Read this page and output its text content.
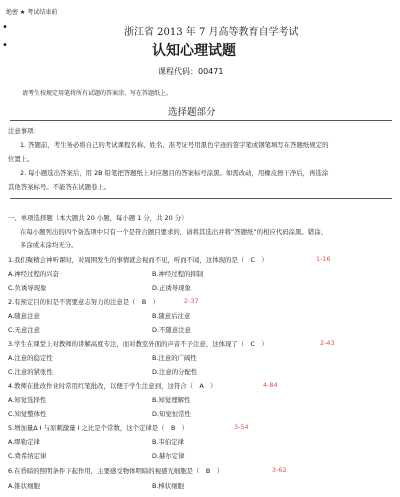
绝密 ★ 考试结束前
•	浙江省 2013 年 7 月高等教育自学考试
•	认知心理试题
课程代码：00471
请考生按规定用笔将所有试题的答案涂、写在答题纸上。
选择题部分
注意事项：
1. 答题前，考生务必将自己的考试课程名称、姓名、准考证号用黑色字迹的签字笔或钢笔填写在答题纸规定的
位置上。
2. 每小题选出答案后，用 2B 铅笔把答题纸上对应题目的答案标号涂黑。如需改动，用橡皮擦干净后，再选涂
其他答案标号。不能答在试题卷上。
一、单项选择题（本大题共 20 小题，每小题 1 分，共 20 分）
在每小题列出的四个备选项中只有一个是符合题目要求的，请将其选出并将“答题纸”的相应代码涂黑。错涂、
多涂或未涂均无分。
1.我们聚精会神听课时，对周围发生的事情就会视而不见，听而不闻，这体现的是（　C　）	1-16
A.神经过程的兴奋	B.神经过程的抑制
C.负诱导现象	D.正诱导现象
2.有预定目的但是不需要意志努力的注意是（　B　）	2-37
A.随意注意	B.随意后注意
C.无意注意	D.不随意注意
3.学生在课堂上对教师的讲解高度专注，而对教室外面的声音不予注意，这体现了（　C　）	2-43
A.注意的稳定性	B.注意的广阔性
C.注意的紧张性	D.注意的分配性
4.教师在批改作业时常用红笔批改，以便于学生注意到，这符合（　A　）	4-84
A.知觉选择性	B.知觉理解性
C.知觉整体性	D.知觉恒常性
5.增加量Δ I 与原刺激量 I 之比是个常数，这个定律是（　B　）	3-54
A.缪勒定律	B.韦伯定律
C.费希纳定律	D.赫尔定律
6.在昏暗的照明条件下起作用，主要感受物体明暗的视感光细胞是（　B　）	3-62
A.锥状细胞	B.棒状细胞
